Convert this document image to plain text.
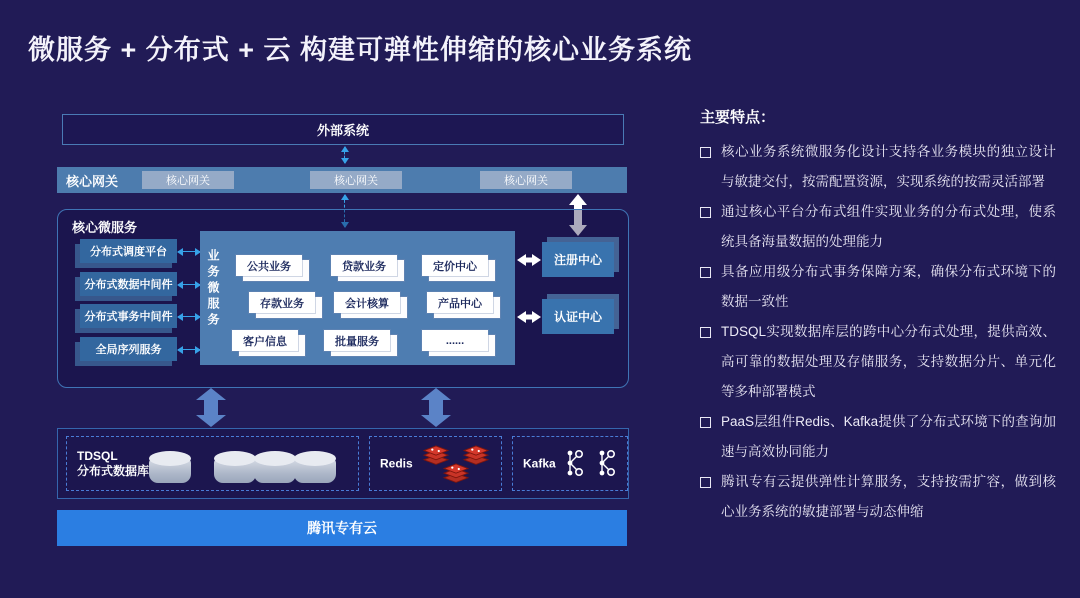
微服务 + 分布式 + 云 构建可弹性伸缩的核心业务系统
外部系统
核心网关	核心网关	核心网关	核心网关
核心微服务
分布式调度平台
分布式数据中间件
分布式事务中间件
全局序列服务
业务微服务	公共业务	贷款业务	定价中心
存款业务	会计核算	产品中心
客户信息	批量服务	......
注册中心
认证中心
TDSQL
分布式数据库
Redis	Kafka
腾讯专有云
主要特点：
核心业务系统微服务化设计支持各业务模块的独立设计与敏捷交付，按需配置资源，实现系统的按需灵活部署
通过核心平台分布式组件实现业务的分布式处理，使系统具备海量数据的处理能力
具备应用级分布式事务保障方案，确保分布式环境下的数据一致性
TDSQL实现数据库层的跨中心分布式处理，提供高效、高可靠的数据处理及存储服务，支持数据分片、单元化等多种部署模式
PaaS层组件Redis、Kafka提供了分布式环境下的查询加速与高效协同能力
腾讯专有云提供弹性计算服务，支持按需扩容，做到核心业务系统的敏捷部署与动态伸缩
